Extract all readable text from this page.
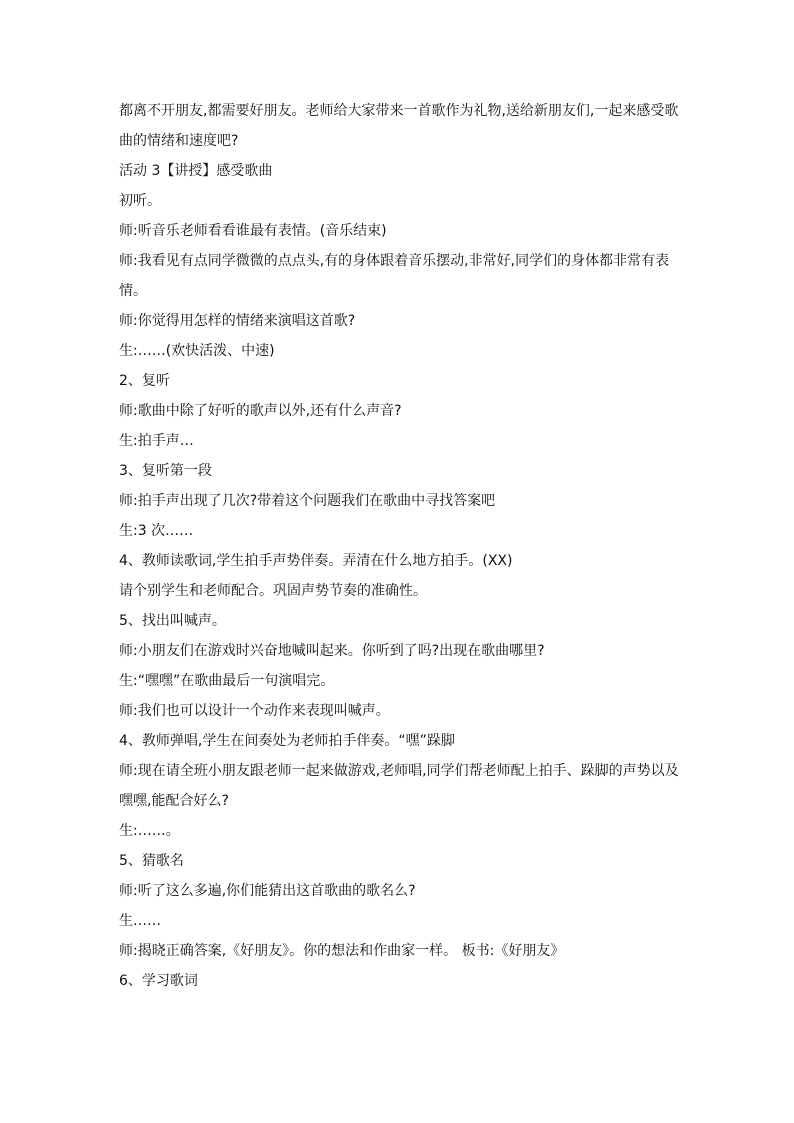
都离不开朋友,都需要好朋友。老师给大家带来一首歌作为礼物,送给新朋友们,一起来感受歌

曲的情绪和速度吧?

活动 3【讲授】感受歌曲

初听。

师:听音乐老师看看谁最有表情。(音乐结束)

师:我看见有点同学微微的点点头,有的身体跟着音乐摆动,非常好,同学们的身体都非常有表

情。

师:你觉得用怎样的情绪来演唱这首歌?

生:……(欢快活泼、中速)

2、复听

师:歌曲中除了好听的歌声以外,还有什么声音?

生:拍手声…

3、复听第一段

师:拍手声出现了几次?带着这个问题我们在歌曲中寻找答案吧

生:3 次……

4、教师读歌词,学生拍手声势伴奏。弄清在什么地方拍手。(XX)

请个别学生和老师配合。巩固声势节奏的准确性。

5、找出叫喊声。

师:小朋友们在游戏时兴奋地喊叫起来。你听到了吗?出现在歌曲哪里?

生:“嘿嘿”在歌曲最后一句演唱完。

师:我们也可以设计一个动作来表现叫喊声。

4、教师弹唱,学生在间奏处为老师拍手伴奏。“嘿”跺脚

师:现在请全班小朋友跟老师一起来做游戏,老师唱,同学们帮老师配上拍手、跺脚的声势以及

嘿嘿,能配合好么?

生:……。

5、猜歌名

师:听了这么多遍,你们能猜出这首歌曲的歌名么?

生……

师:揭晓正确答案,《好朋友》。你的想法和作曲家一样。 板书:《好朋友》

6、学习歌词
